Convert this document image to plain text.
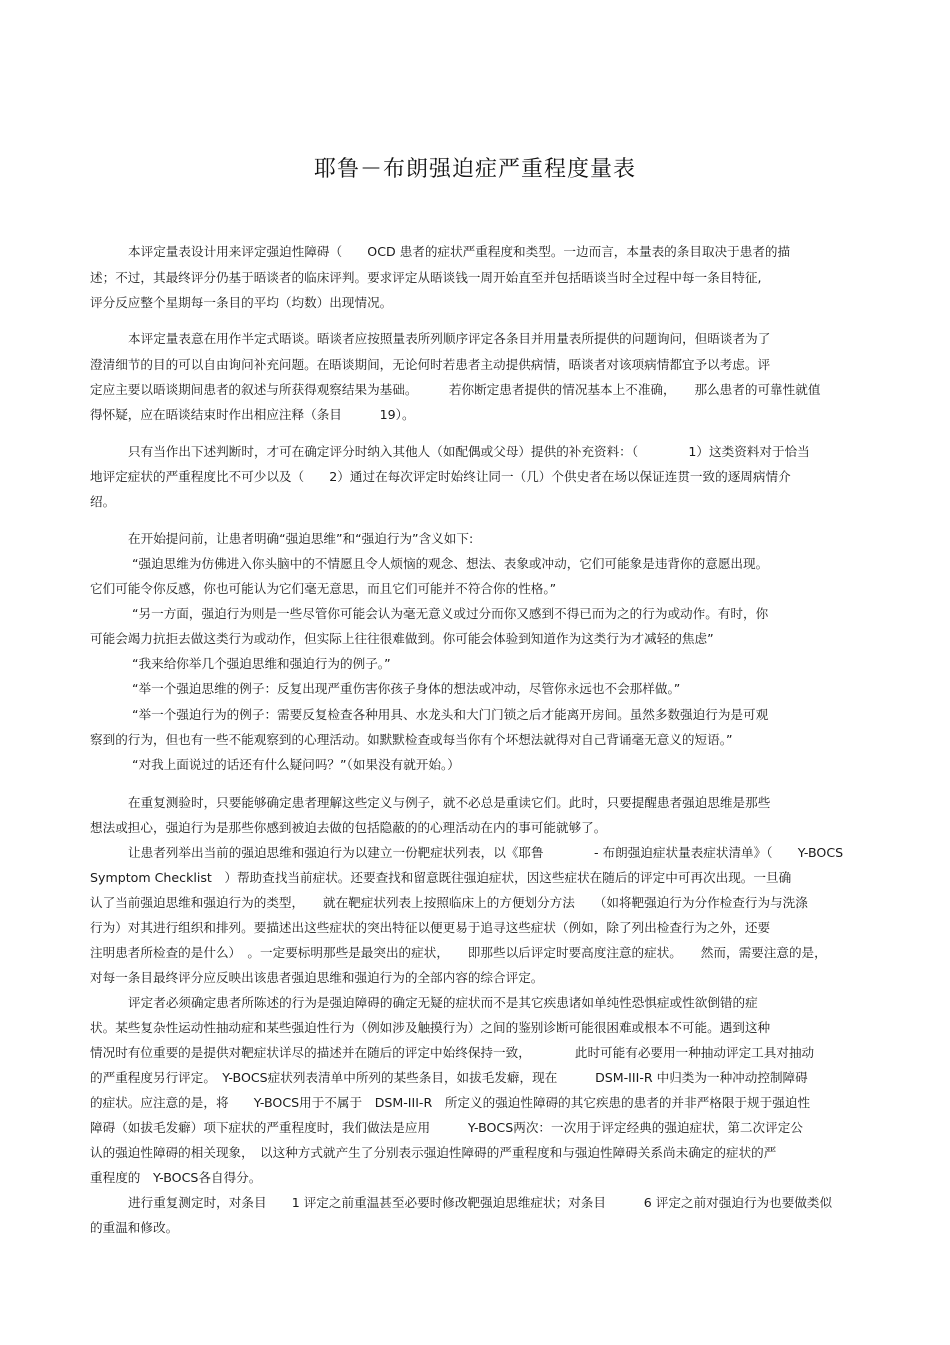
耶鲁－布朗强迫症严重程度量表
本评定量表设计用来评定强迫性障碍（　　OCD 患者的症状严重程度和类型。一边而言，本量表的条目取决于患者的描
述；不过，其最终评分仍基于晤谈者的临床评判。要求评定从晤谈钱一周开始直至并包括晤谈当时全过程中每一条目特征,
评分反应整个星期每一条目的平均（均数）出现情况。
本评定量表意在用作半定式晤谈。晤谈者应按照量表所列顺序评定各条目并用量表所提供的问题询问，但晤谈者为了
澄清细节的目的可以自由询问补充问题。在晤谈期间，无论何时若患者主动提供病情，晤谈者对该项病情都宜予以考虑。评
定应主要以晤谈期间患者的叙述与所获得观察结果为基础。　　　若你断定患者提供的情况基本上不准确，　　那么患者的可靠性就值
得怀疑，应在晤谈结束时作出相应注释（条目　　　19）。
只有当作出下述判断时，才可在确定评分时纳入其他人（如配偶或父母）提供的补充资料：（　　　　1）这类资料对于恰当
地评定症状的严重程度比不可少以及（　　2）通过在每次评定时始终让同一（几）个供史者在场以保证连贯一致的逐周病情介
绍。
在开始提问前，让患者明确“强迫思维”和“强迫行为”含义如下:
“强迫思维为仿佛进入你头脑中的不情愿且令人烦恼的观念、想法、表象或冲动，它们可能象是违背你的意愿出现。
它们可能令你反感，你也可能认为它们毫无意思，而且它们可能并不符合你的性格。”
“另一方面，强迫行为则是一些尽管你可能会认为毫无意义或过分而你又感到不得已而为之的行为或动作。有时，你
可能会竭力抗拒去做这类行为或动作，但实际上往往很难做到。你可能会体验到知道作为这类行为才减轻的焦虑”
“我来给你举几个强迫思维和强迫行为的例子。”
“举一个强迫思维的例子：反复出现严重伤害你孩子身体的想法或冲动，尽管你永远也不会那样做。”
“举一个强迫行为的例子：需要反复检查各种用具、水龙头和大门门锁之后才能离开房间。虽然多数强迫行为是可观
察到的行为，但也有一些不能观察到的心理活动。如默默检查或每当你有个坏想法就得对自己背诵毫无意义的短语。”
“对我上面说过的话还有什么疑问吗？”（如果没有就开始。）
在重复测验时，只要能够确定患者理解这些定义与例子，就不必总是重读它们。此时，只要提醒患者强迫思维是那些
想法或担心，强迫行为是那些你感到被迫去做的包括隐蔽的的心理活动在内的事可能就够了。
让患者列举出当前的强迫思维和强迫行为以建立一份靶症状列表，以《耶鲁　　　　- 布朗强迫症状量表症状清单》（　　Y-BOCS
Symptom Checklist　）帮助查找当前症状。还要查找和留意既往强迫症状，因这些症状在随后的评定中可再次出现。一旦确
认了当前强迫思维和强迫行为的类型，　　就在靶症状列表上按照临床上的方便划分方法　　（如将靶强迫行为分作检查行为与洗涤
行为）对其进行组织和排列。要描述出这些症状的突出特征以便更易于追寻这些症状（例如，除了列出检查行为之外，还要
注明患者所检查的是什么）　。一定要标明那些是最突出的症状，　　即那些以后评定时要高度注意的症状。　　然而，需要注意的是，
对每一条目最终评分应反映出该患者强迫思维和强迫行为的全部内容的综合评定。
评定者必须确定患者所陈述的行为是强迫障碍的确定无疑的症状而不是其它疾患诸如单纯性恐惧症或性欲倒错的症
状。某些复杂性运动性抽动症和某些强迫性行为（例如涉及触摸行为）之间的鉴别诊断可能很困难或根本不可能。遇到这种
情况时有位重要的是提供对靶症状详尽的描述并在随后的评定中始终保持一致，　　　　此时可能有必要用一种抽动评定工具对抽动
的严重程度另行评定。　Y-BOCS症状列表清单中所列的某些条目，如拔毛发癖，现在　　　DSM-III-R 中归类为一种冲动控制障碍
的症状。应注意的是，将　　Y-BOCS用于不属于　DSM-III-R　所定义的强迫性障碍的其它疾患的患者的并非严格限于规于强迫性
障碍（如拔毛发癖）项下症状的严重程度时，我们做法是应用　　　Y-BOCS两次：一次用于评定经典的强迫症状，第二次评定公
认的强迫性障碍的相关现象，　以这种方式就产生了分别表示强迫性障碍的严重程度和与强迫性障碍关系尚未确定的症状的严
重程度的　Y-BOCS各自得分。
进行重复测定时，对条目　　1 评定之前重温甚至必要时修改靶强迫思维症状；对条目　　　6 评定之前对强迫行为也要做类似
的重温和修改。
